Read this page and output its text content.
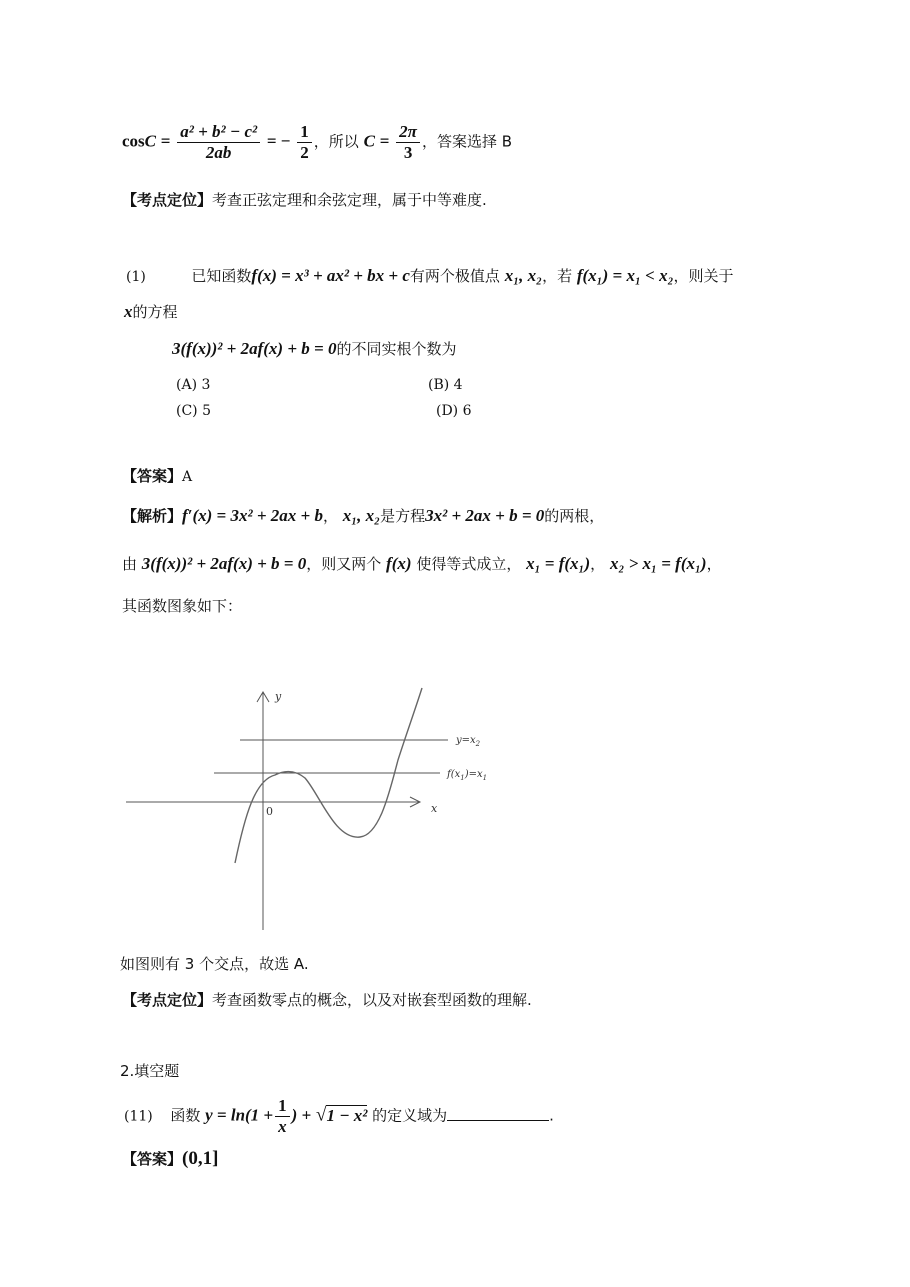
$\cos C = \frac{\text{a² + b² − c²}}{2ab}$ = − $\frac{1}{2}$ ，所以 $C = \frac{2\pi}{3}$ ，答案选择 B
【考点定位】考查正弦定理和余弦定理，属于中等难度.
(1)	已知函数f(x) = x³ + ax² + bx + c有两个极值点 x₁, x₂，若 f(x₁) = x₁ < x₂，则关于
x的方程
3(f(x))² + 2af(x) + b = 0的不同实根个数为
(A) 3	(B) 4
(C) 5	(D) 6
【答案】A
【解析】f′(x) = 3x² + 2ax + b， x₁, x₂是方程3x² + 2ax + b = 0的两根，
由 3(f(x))² + 2af(x) + b = 0，则又两个 f(x) 使得等式成立， x₁ = f(x₁)， x₂ > x₁ = f(x₁)，
其函数图象如下：
y
x
0
$y=x_2$
$f(x_1)=x_1$
如图则有 3 个交点，故选 A.
【考点定位】考查函数零点的概念，以及对嵌套型函数的理解.
2.填空题
(11) 函数 $y = \ln(1 + \frac{1}{x}$ ) + √1 − x² 的定义域为	.
【答案】(0,1]
